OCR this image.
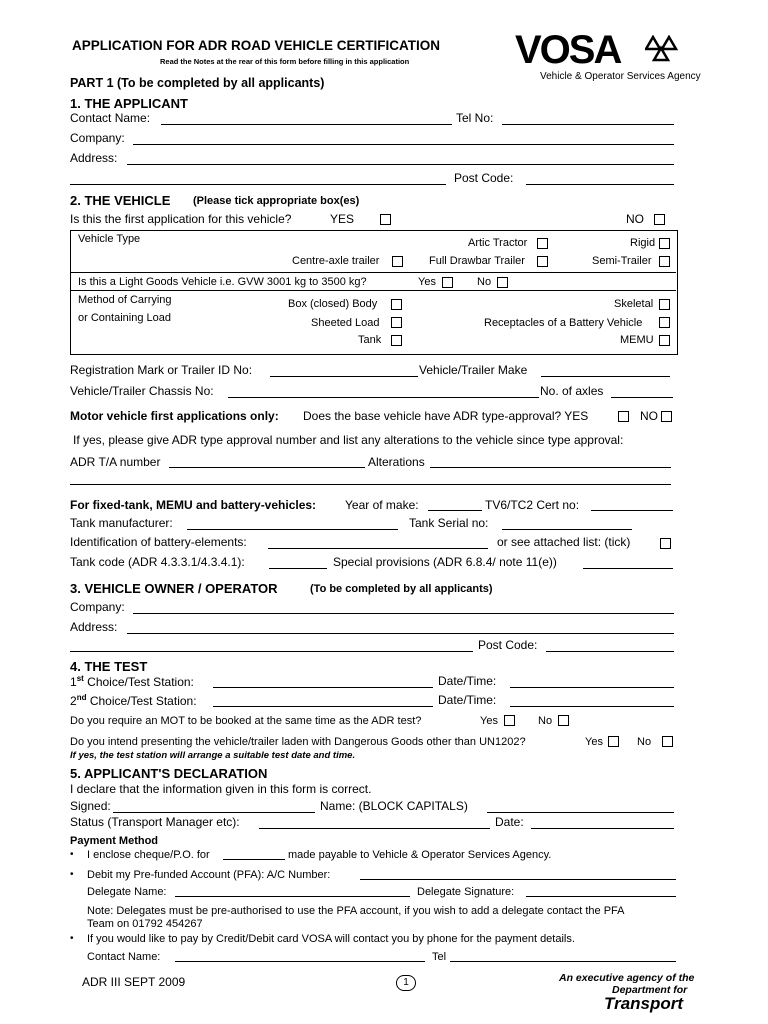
APPLICATION FOR ADR ROAD VEHICLE CERTIFICATION
Read the Notes at the rear of this form before filling in this application	VOSA
Vehicle & Operator Services Agency
PART 1 (To be completed by all applicants)
1. THE APPLICANT
Contact Name:	Tel No:
Company:
Address:
Post Code:
2. THE VEHICLE (Please tick appropriate box(es)
Is this the first application for this vehicle?	YES	NO
Vehicle Type	Artic Tractor	Rigid
Centre-axle trailer	Full Drawbar Trailer	Semi-Trailer
Is this a Light Goods Vehicle i.e. GVW 3001 kg to 3500 kg?	Yes	No
Method of Carrying
or Containing Load
Box (closed) Body	Skeletal
Sheeted Load	Receptacles of a Battery Vehicle
Tank	MEMU
Registration Mark or Trailer ID No:	Vehicle/Trailer Make
Vehicle/Trailer Chassis No:	No. of axles
Motor vehicle first applications only: Does the base vehicle have ADR type-approval? YES	NO
If yes, please give ADR type approval number and list any alterations to the vehicle since type approval:
ADR T/A number	Alterations
For fixed-tank, MEMU and battery-vehicles: Year of make:	TV6/TC2 Cert no:
Tank manufacturer:	Tank Serial no:
Identification of battery-elements:	or see attached list: (tick)
Tank code (ADR 4.3.3.1/4.3.4.1):	Special provisions (ADR 6.8.4/ note 11(e))
3. VEHICLE OWNER / OPERATOR	(To be completed by all applicants)
Company:
Address:
Post Code:
4. THE TEST
1st Choice/Test Station:	Date/Time:
2nd Choice/Test Station:	Date/Time:
Do you require an MOT to be booked at the same time as the ADR test?	Yes	No
Do you intend presenting the vehicle/trailer laden with Dangerous Goods other than UN1202?	Yes	No
If yes, the test station will arrange a suitable test date and time.
5. APPLICANT'S DECLARATION
I declare that the information given in this form is correct.
Signed:	Name: (BLOCK CAPITALS)
Status (Transport Manager etc):	Date:
Payment Method
• I enclose cheque/P.O. for	made payable to Vehicle & Operator Services Agency.
• Debit my Pre-funded Account (PFA): A/C Number:
Delegate Name:	Delegate Signature:
Note: Delegates must be pre-authorised to use the PFA account, if you wish to add a delegate contact the PFA
Team on 01792 454267
• If you would like to pay by Credit/Debit card VOSA will contact you by phone for the payment details.
Contact Name:	Tel
ADR III SEPT 2009	1	An executive agency of the
Department for
Transport
